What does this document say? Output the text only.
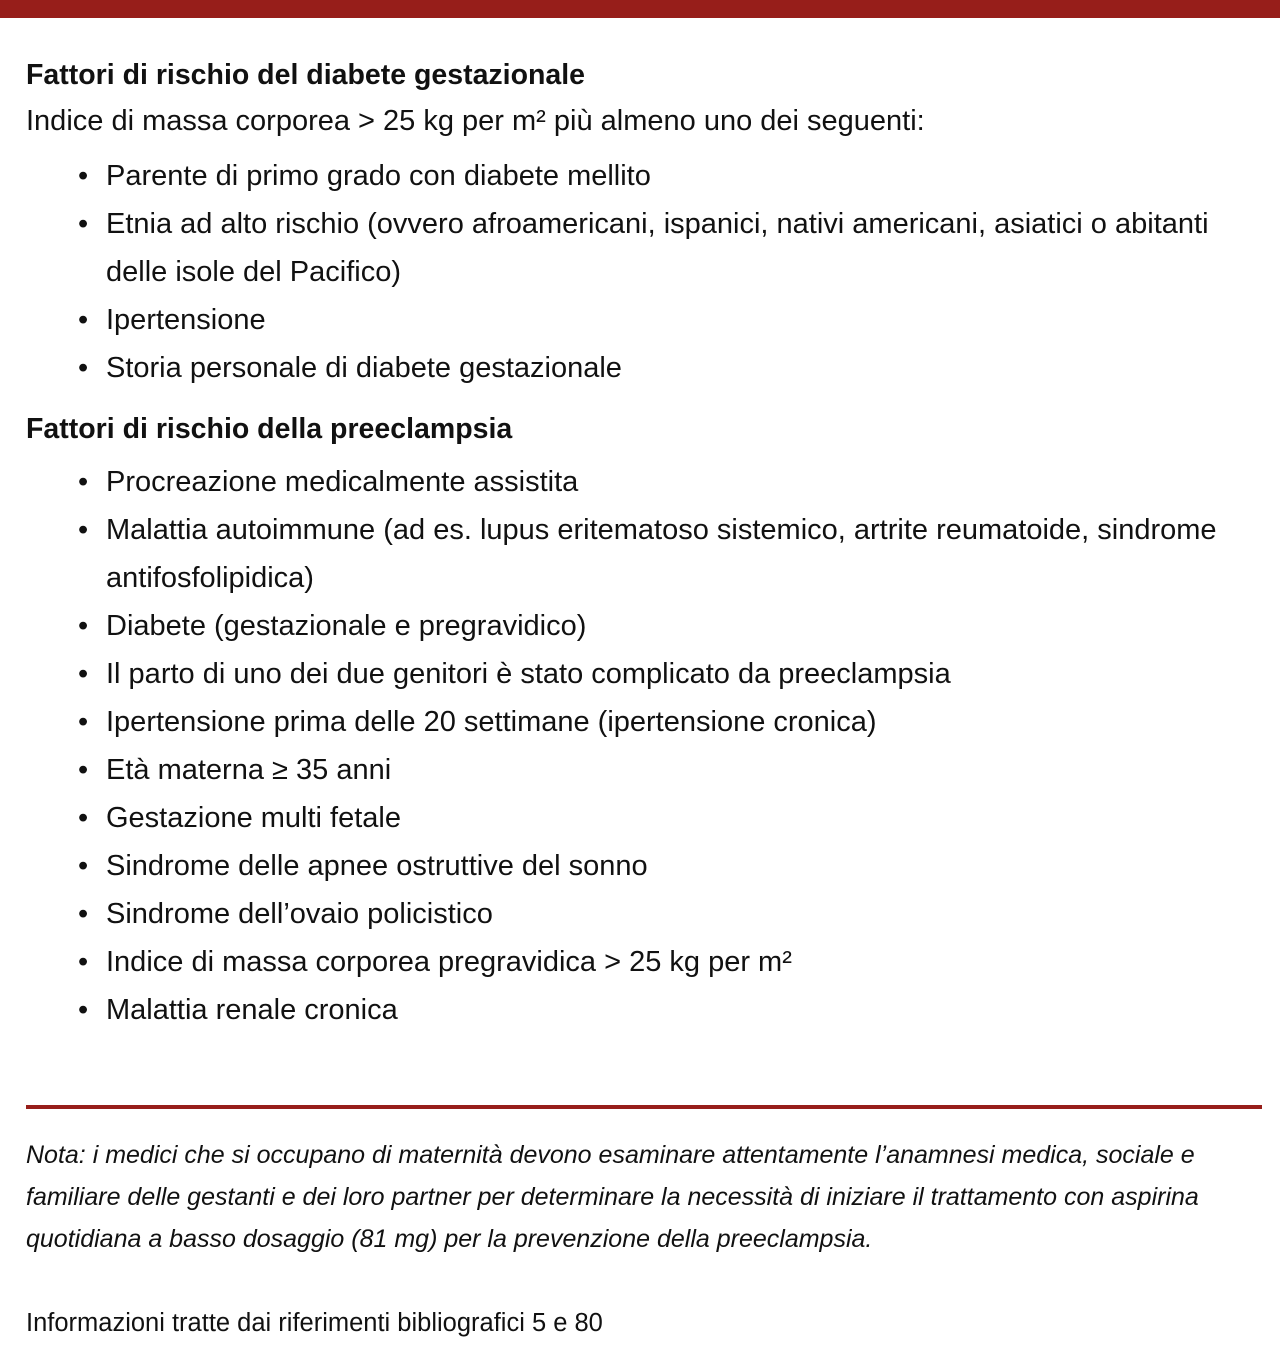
Fattori di rischio del diabete gestazionale

Indice di massa corporea > 25 kg per m² più almeno uno dei seguenti:

• Parente di primo grado con diabete mellito
• Etnia ad alto rischio (ovvero afroamericani, ispanici, nativi americani, asiatici o abitanti delle isole del Pacifico)
• Ipertensione
• Storia personale di diabete gestazionale
Fattori di rischio della preeclampsia
• Procreazione medicalmente assistita
• Malattia autoimmune (ad es. lupus eritematoso sistemico, artrite reumatoide, sindrome antifosfolipidica)
• Diabete (gestazionale e pregravidico)
• Il parto di uno dei due genitori è stato complicato da preeclampsia
• Ipertensione prima delle 20 settimane (ipertensione cronica)
• Età materna ≥ 35 anni
• Gestazione multi fetale
• Sindrome delle apnee ostruttive del sonno
• Sindrome dell’ovaio policistico
• Indice di massa corporea pregravidica > 25 kg per m²
• Malattia renale cronica

Nota: i medici che si occupano di maternità devono esaminare attentamente l’anamnesi medica, sociale e familiare delle gestanti e dei loro partner per determinare la necessità di iniziare il trattamento con aspirina quotidiana a basso dosaggio (81 mg) per la prevenzione della preeclampsia.

Informazioni tratte dai riferimenti bibliografici 5 e 80
